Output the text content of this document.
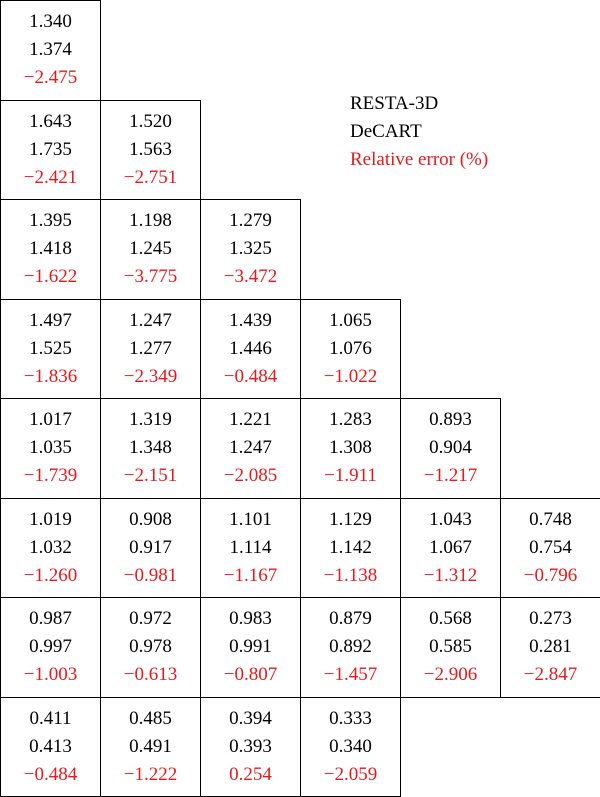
1.340
1.374
−2.475
1.643
1.735
−2.421
1.520
1.563
−2.751
1.395
1.418
−1.622
1.198
1.245
−3.775
1.279
1.325
−3.472
1.497
1.525
−1.836
1.247
1.277
−2.349
1.439
1.446
−0.484
1.065
1.076
−1.022
1.017
1.035
−1.739
1.319
1.348
−2.151
1.221
1.247
−2.085
1.283
1.308
−1.911
0.893
0.904
−1.217
1.019
1.032
−1.260
0.908
0.917
−0.981
1.101
1.114
−1.167
1.129
1.142
−1.138
1.043
1.067
−1.312
0.748
0.754
−0.796
0.987
0.997
−1.003
0.972
0.978
−0.613
0.983
0.991
−0.807
0.879
0.892
−1.457
0.568
0.585
−2.906
0.273
0.281
−2.847
0.411
0.413
−0.484
0.485
0.491
−1.222
0.394
0.393
0.254
0.333
0.340
−2.059
RESTA-3D
DeCART
Relative error (%)
